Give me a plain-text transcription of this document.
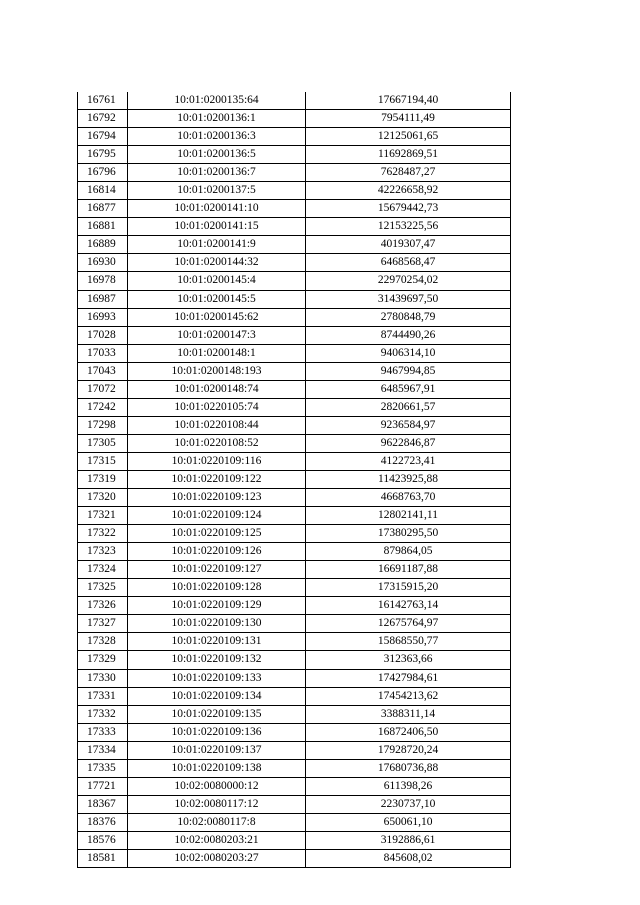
16761	10:01:0200135:64	17667194,40
16792	10:01:0200136:1	7954111,49
16794	10:01:0200136:3	12125061,65
16795	10:01:0200136:5	11692869,51
16796	10:01:0200136:7	7628487,27
16814	10:01:0200137:5	42226658,92
16877	10:01:0200141:10	15679442,73
16881	10:01:0200141:15	12153225,56
16889	10:01:0200141:9	4019307,47
16930	10:01:0200144:32	6468568,47
16978	10:01:0200145:4	22970254,02
16987	10:01:0200145:5	31439697,50
16993	10:01:0200145:62	2780848,79
17028	10:01:0200147:3	8744490,26
17033	10:01:0200148:1	9406314,10
17043	10:01:0200148:193	9467994,85
17072	10:01:0200148:74	6485967,91
17242	10:01:0220105:74	2820661,57
17298	10:01:0220108:44	9236584,97
17305	10:01:0220108:52	9622846,87
17315	10:01:0220109:116	4122723,41
17319	10:01:0220109:122	11423925,88
17320	10:01:0220109:123	4668763,70
17321	10:01:0220109:124	12802141,11
17322	10:01:0220109:125	17380295,50
17323	10:01:0220109:126	879864,05
17324	10:01:0220109:127	16691187,88
17325	10:01:0220109:128	17315915,20
17326	10:01:0220109:129	16142763,14
17327	10:01:0220109:130	12675764,97
17328	10:01:0220109:131	15868550,77
17329	10:01:0220109:132	312363,66
17330	10:01:0220109:133	17427984,61
17331	10:01:0220109:134	17454213,62
17332	10:01:0220109:135	3388311,14
17333	10:01:0220109:136	16872406,50
17334	10:01:0220109:137	17928720,24
17335	10:01:0220109:138	17680736,88
17721	10:02:0080000:12	611398,26
18367	10:02:0080117:12	2230737,10
18376	10:02:0080117:8	650061,10
18576	10:02:0080203:21	3192886,61
18581	10:02:0080203:27	845608,02
